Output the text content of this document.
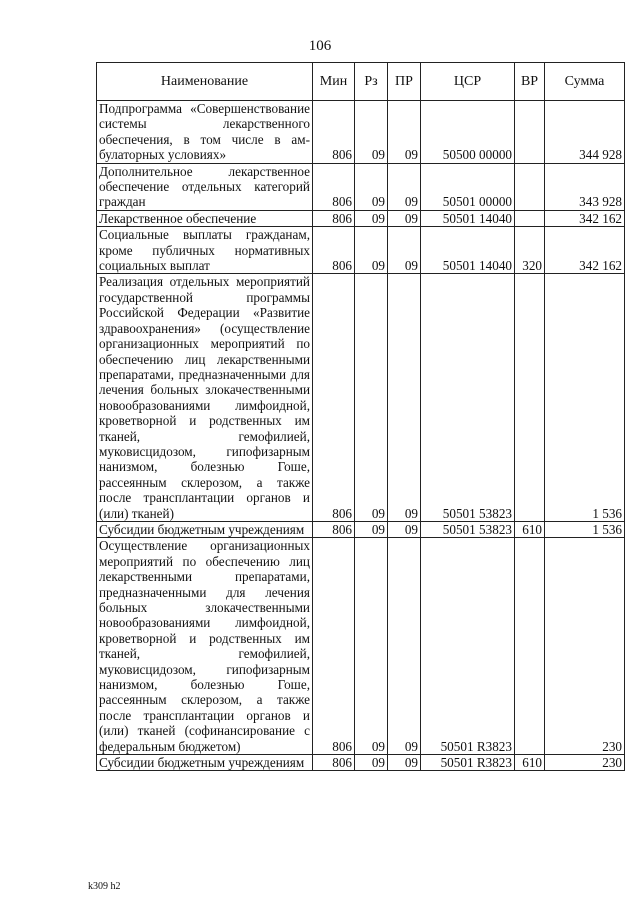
106
Наименование	Мин	Рз	ПР	ЦСР	ВР	Сумма
Подпрограмма «Совершенствование системы лекарственного обеспечения, в том числе в амбулаторных условиях»	806	09	09	50500 00000		344 928
Дополнительное лекарственное обеспечение отдельных категорий граждан	806	09	09	50501 00000		343 928
Лекарственное обеспечение	806	09	09	50501 14040		342 162
Социальные выплаты гражданам, кроме публичных нормативных социальных выплат	806	09	09	50501 14040	320	342 162
Реализация отдельных мероприятий государственной программы Российской Федерации «Развитие здравоохранения» (осуществление организационных мероприятий по обеспечению лиц лекарственными препаратами, предназначенными для лечения больных злокачественными новообразованиями лимфоидной, кроветворной и родственных им тканей, гемофилией, муковисцидозом, гипофизарным нанизмом, болезнью Гоше, рассеянным склерозом, а также после трансплантации органов и (или) тканей)	806	09	09	50501 53823		1 536
Субсидии бюджетным учреждениям	806	09	09	50501 53823	610	1 536
Осуществление организационных мероприятий по обеспечению лиц лекарственными препаратами, предназначенными для лечения больных злокачественными новообразованиями лимфоидной, кроветворной и родственных им тканей, гемофилией, муковисцидозом, гипофизарным нанизмом, болезнью Гоше, рассеянным склерозом, а также после трансплантации органов и (или) тканей (софинансирование с федеральным бюджетом)	806	09	09	50501 R3823		230
Субсидии бюджетным учреждениям	806	09	09	50501 R3823	610	230
k309 h2
